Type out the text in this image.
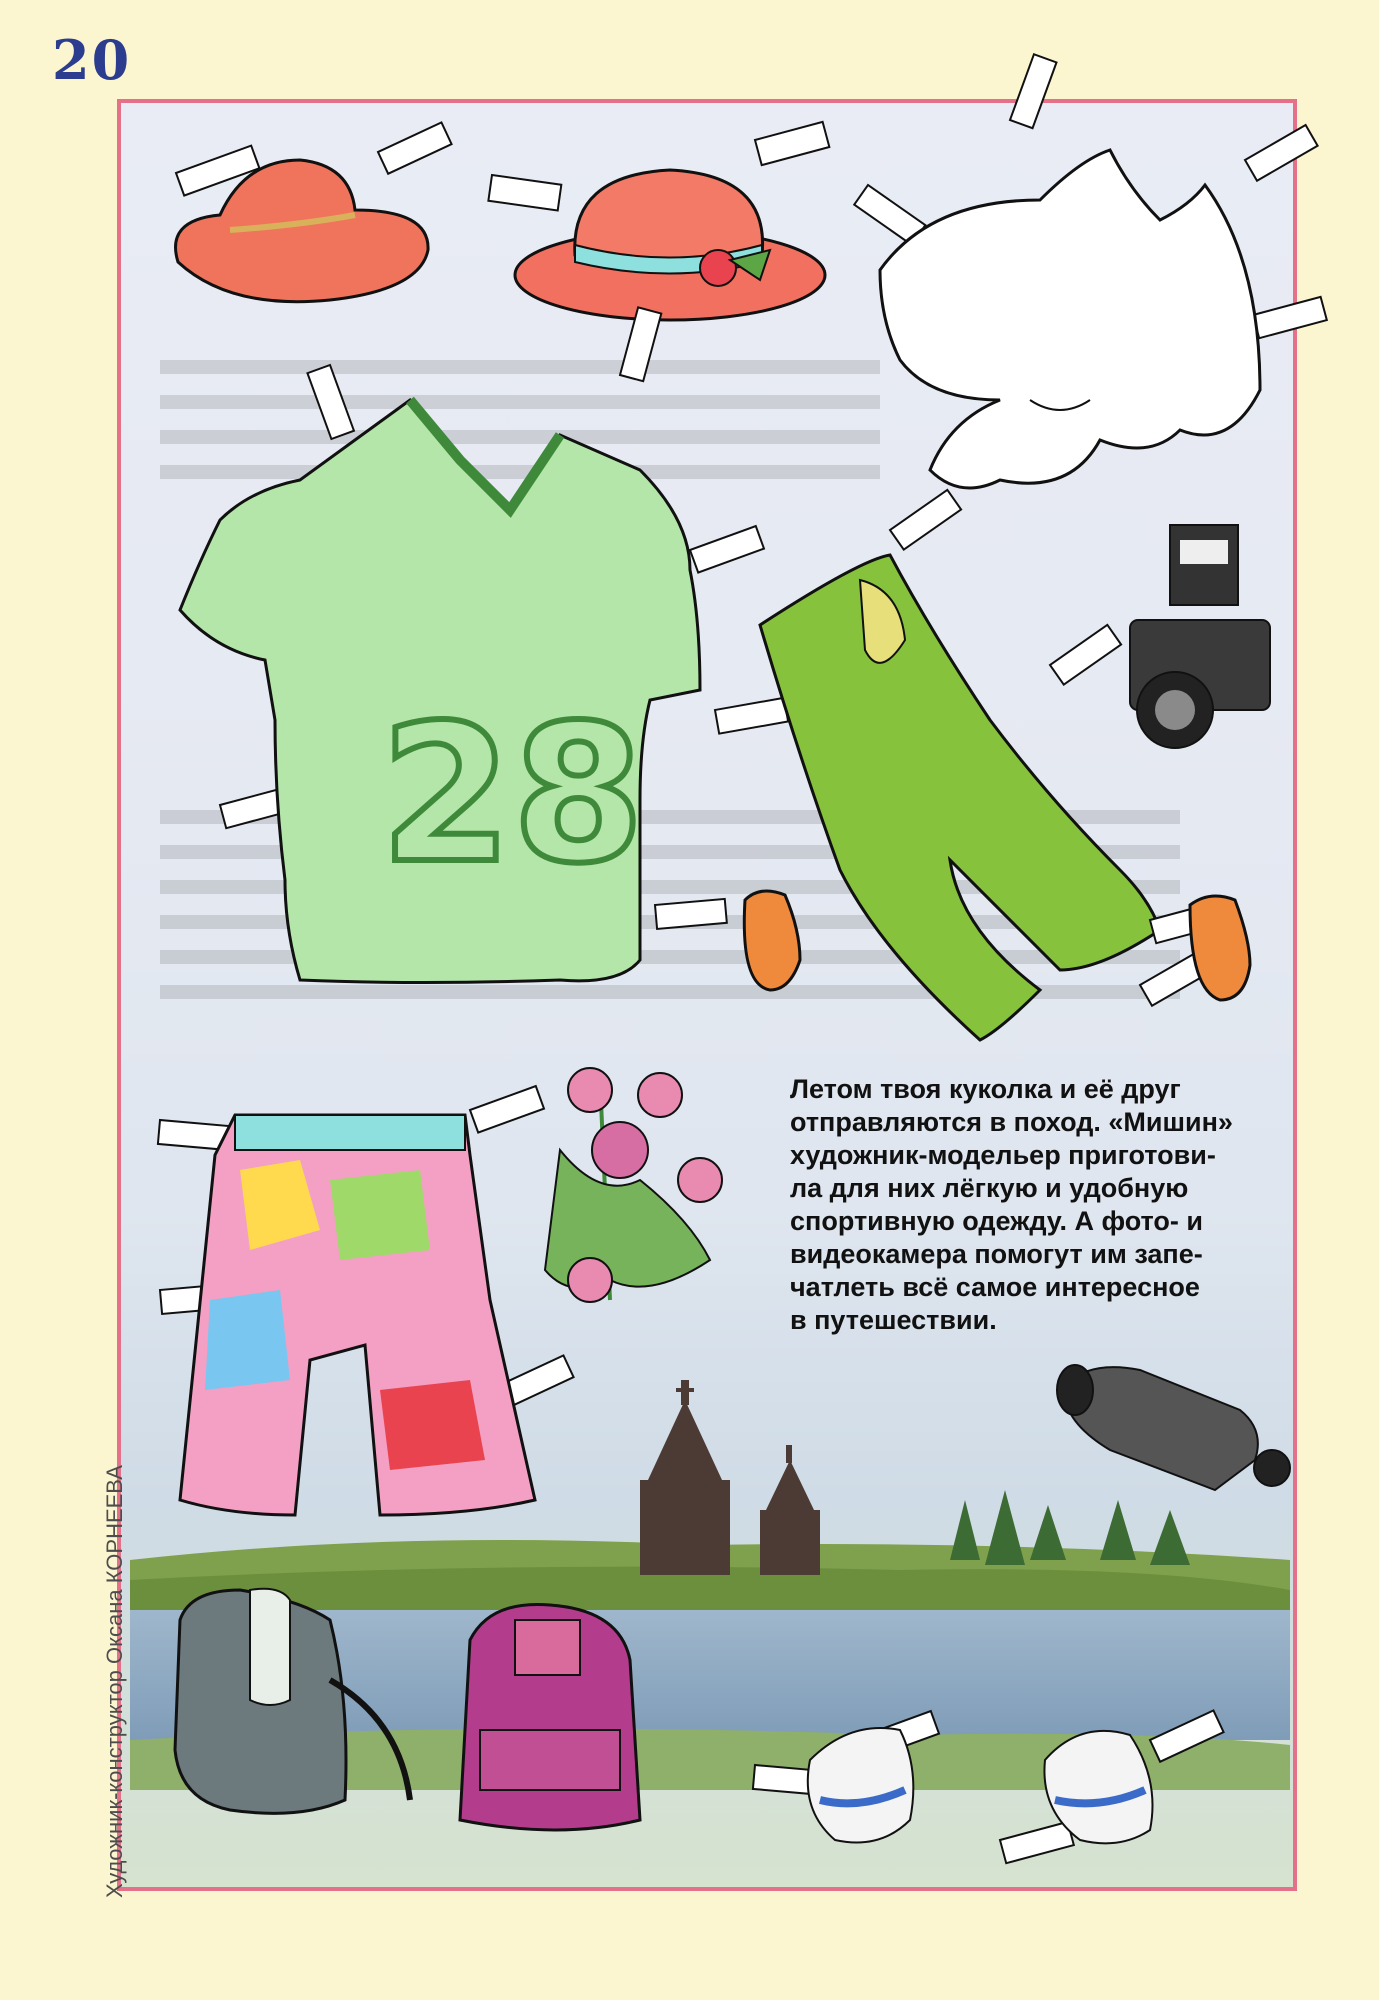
20
28
Летом твоя куколка и её друг
отправляются в поход. «Мишин»
художник-модельер приготови-
ла для них лёгкую и удобную
спортивную одежду. А фото- и
видеокамера помогут им запе-
чатлеть всё самое интересное
в путешествии.
Художник-конструктор Оксана КОРНЕЕВА
